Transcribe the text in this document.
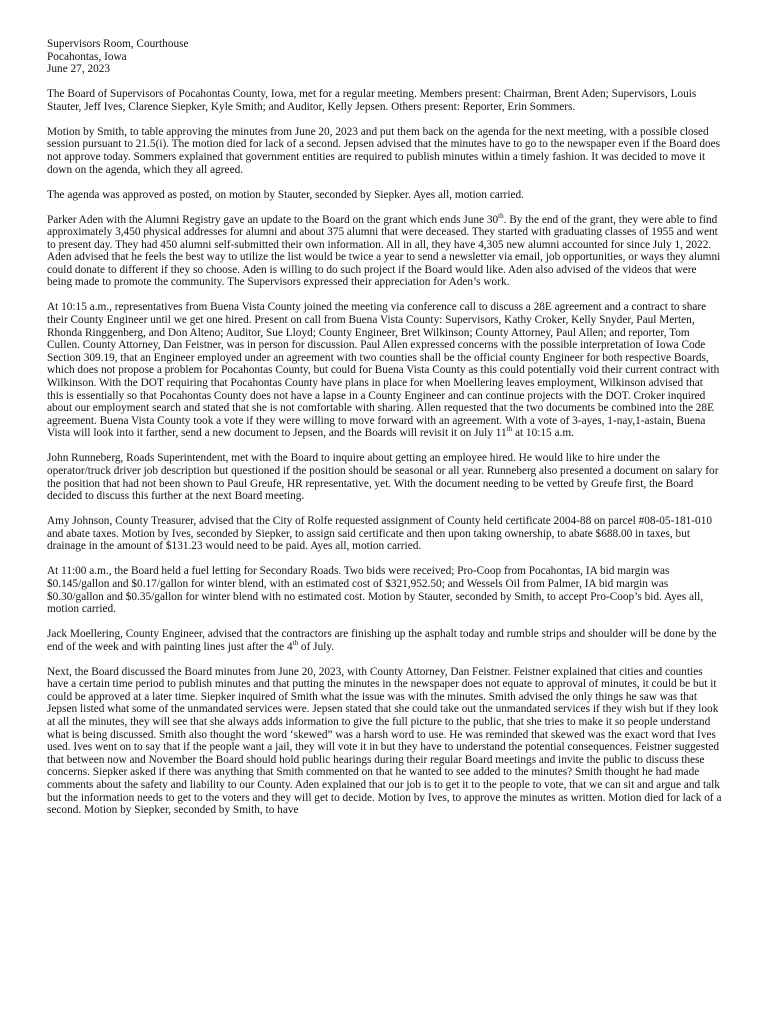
Supervisors Room, Courthouse

Pocahontas, Iowa

June 27, 2023

The Board of Supervisors of Pocahontas County, Iowa, met for a regular meeting. Members present: Chairman, Brent Aden; Supervisors, Louis Stauter, Jeff Ives, Clarence Siepker, Kyle Smith; and Auditor, Kelly Jepsen. Others present: Reporter, Erin Sommers.

Motion by Smith, to table approving the minutes from June 20, 2023 and put them back on the agenda for the next meeting, with a possible closed session pursuant to 21.5(i). The motion died for lack of a second. Jepsen advised that the minutes have to go to the newspaper even if the Board does not approve today. Sommers explained that government entities are required to publish minutes within a timely fashion. It was decided to move it down on the agenda, which they all agreed.

The agenda was approved as posted, on motion by Stauter, seconded by Siepker. Ayes all, motion carried.

Parker Aden with the Alumni Registry gave an update to the Board on the grant which ends June 30th. By the end of the grant, they were able to find approximately 3,450 physical addresses for alumni and about 375 alumni that were deceased. They started with graduating classes of 1955 and went to present day. They had 450 alumni self-submitted their own information. All in all, they have 4,305 new alumni accounted for since July 1, 2022. Aden advised that he feels the best way to utilize the list would be twice a year to send a newsletter via email, job opportunities, or ways they alumni could donate to different if they so choose. Aden is willing to do such project if the Board would like. Aden also advised of the videos that were being made to promote the community. The Supervisors expressed their appreciation for Aden’s work.

At 10:15 a.m., representatives from Buena Vista County joined the meeting via conference call to discuss a 28E agreement and a contract to share their County Engineer until we get one hired. Present on call from Buena Vista County: Supervisors, Kathy Croker, Kelly Snyder, Paul Merten, Rhonda Ringgenberg, and Don Alteno; Auditor, Sue Lloyd; County Engineer, Bret Wilkinson; County Attorney, Paul Allen; and reporter, Tom Cullen. County Attorney, Dan Feistner, was in person for discussion. Paul Allen expressed concerns with the possible interpretation of Iowa Code Section 309.19, that an Engineer employed under an agreement with two counties shall be the official county Engineer for both respective Boards, which does not propose a problem for Pocahontas County, but could for Buena Vista County as this could potentially void their current contract with Wilkinson. With the DOT requiring that Pocahontas County have plans in place for when Moellering leaves employment, Wilkinson advised that this is essentially so that Pocahontas County does not have a lapse in a County Engineer and can continue projects with the DOT. Croker inquired about our employment search and stated that she is not comfortable with sharing. Allen requested that the two documents be combined into the 28E agreement. Buena Vista County took a vote if they were willing to move forward with an agreement. With a vote of 3-ayes, 1-nay,1-astain, Buena Vista will look into it farther, send a new document to Jepsen, and the Boards will revisit it on July 11th at 10:15 a.m.

John Runneberg, Roads Superintendent, met with the Board to inquire about getting an employee hired. He would like to hire under the operator/truck driver job description but questioned if the position should be seasonal or all year. Runneberg also presented a document on salary for the position that had not been shown to Paul Greufe, HR representative, yet. With the document needing to be vetted by Greufe first, the Board decided to discuss this further at the next Board meeting.

Amy Johnson, County Treasurer, advised that the City of Rolfe requested assignment of County held certificate 2004-88 on parcel #08-05-181-010 and abate taxes. Motion by Ives, seconded by Siepker, to assign said certificate and then upon taking ownership, to abate $688.00 in taxes, but drainage in the amount of $131.23 would need to be paid. Ayes all, motion carried.

At 11:00 a.m., the Board held a fuel letting for Secondary Roads. Two bids were received; Pro-Coop from Pocahontas, IA bid margin was $0.145/gallon and $0.17/gallon for winter blend, with an estimated cost of $321,952.50; and Wessels Oil from Palmer, IA bid margin was $0.30/gallon and $0.35/gallon for winter blend with no estimated cost. Motion by Stauter, seconded by Smith, to accept Pro-Coop’s bid. Ayes all, motion carried.

Jack Moellering, County Engineer, advised that the contractors are finishing up the asphalt today and rumble strips and shoulder will be done by the end of the week and with painting lines just after the 4th of July.

Next, the Board discussed the Board minutes from June 20, 2023, with County Attorney, Dan Feistner. Feistner explained that cities and counties have a certain time period to publish minutes and that putting the minutes in the newspaper does not equate to approval of minutes, it could be but it could be approved at a later time. Siepker inquired of Smith what the issue was with the minutes. Smith advised the only things he saw was that Jepsen listed what some of the unmandated services were. Jepsen stated that she could take out the unmandated services if they wish but if they look at all the minutes, they will see that she always adds information to give the full picture to the public, that she tries to make it so people understand what is being discussed. Smith also thought the word ‘skewed” was a harsh word to use. He was reminded that skewed was the exact word that Ives used. Ives went on to say that if the people want a jail, they will vote it in but they have to understand the potential consequences. Feistner suggested that between now and November the Board should hold public hearings during their regular Board meetings and invite the public to discuss these concerns. Siepker asked if there was anything that Smith commented on that he wanted to see added to the minutes? Smith thought he had made comments about the safety and liability to our County. Aden explained that our job is to get it to the people to vote, that we can sit and argue and talk but the information needs to get to the voters and they will get to decide. Motion by Ives, to approve the minutes as written. Motion died for lack of a second. Motion by Siepker, seconded by Smith, to have
